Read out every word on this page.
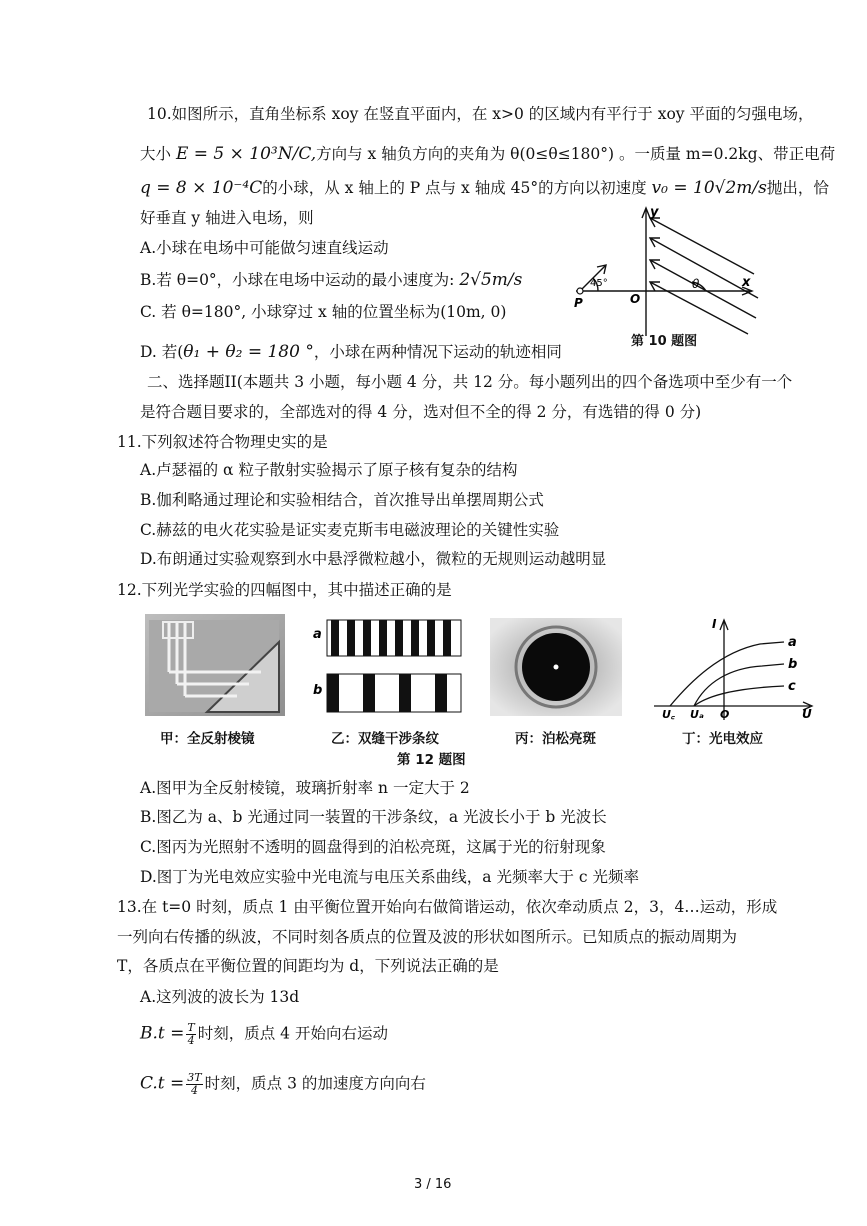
10.如图所示，直角坐标系 xoy 在竖直平面内，在 x>0 的区域内有平行于 xoy 平面的匀强电场，
大小 E = 5 × 10³N/C,方向与 x 轴负方向的夹角为 θ(0≤θ≤180°) 。一质量 m=0.2kg、带正电荷
q = 8 × 10⁻⁴C的小球，从 x 轴上的 P 点与 x 轴成 45°的方向以初速度 v₀ = 10√2m/s抛出，恰
好垂直 y 轴进入电场，则
A.小球在电场中可能做匀速直线运动
B.若 θ=0°，小球在电场中运动的最小速度为: 2√5m/s
C. 若 θ=180°, 小球穿过 x 轴的位置坐标为(10m, 0)
D. 若(θ₁ + θ₂ = 180 °，小球在两种情况下运动的轨迹相同
y
x
45°
P	O
θ
第 10 题图
二、选择题II(本题共 3 小题，每小题 4 分，共 12 分。每小题列出的四个备选项中至少有一个
是符合题目要求的，全部选对的得 4 分，选对但不全的得 2 分，有选错的得 0 分)
11.下列叙述符合物理史实的是
A.卢瑟福的 α 粒子散射实验揭示了原子核有复杂的结构
B.伽利略通过理论和实验相结合，首次推导出单摆周期公式
C.赫兹的电火花实验是证实麦克斯韦电磁波理论的关键性实验
D.布朗通过实验观察到水中悬浮微粒越小，微粒的无规则运动越明显
12.下列光学实验的四幅图中，其中描述正确的是
a
b
I
a
b
c
U꜀ Uₐ O	U
甲：全反射棱镜	乙：双缝干涉条纹	丙：泊松亮斑	丁：光电效应
第 12 题图
A.图甲为全反射棱镜，玻璃折射率 n 一定大于 2
B.图乙为 a、b 光通过同一装置的干涉条纹，a 光波长小于 b 光波长
C.图丙为光照射不透明的圆盘得到的泊松亮斑，这属于光的衍射现象
D.图丁为光电效应实验中光电流与电压关系曲线，a 光频率大于 c 光频率
13.在 t=0 时刻，质点 1 由平衡位置开始向右做简谐运动，依次牵动质点 2，3，4…运动，形成
一列向右传播的纵波，不同时刻各质点的位置及波的形状如图所示。已知质点的振动周期为
T，各质点在平衡位置的间距均为 d，下列说法正确的是
A.这列波的波长为 13d
$B.t = \frac{T}{4}$ 时刻，质点 4 开始向右运动
$C.t = \frac{3T}{4}$ 时刻，质点 3 的加速度方向向右
3 / 16
